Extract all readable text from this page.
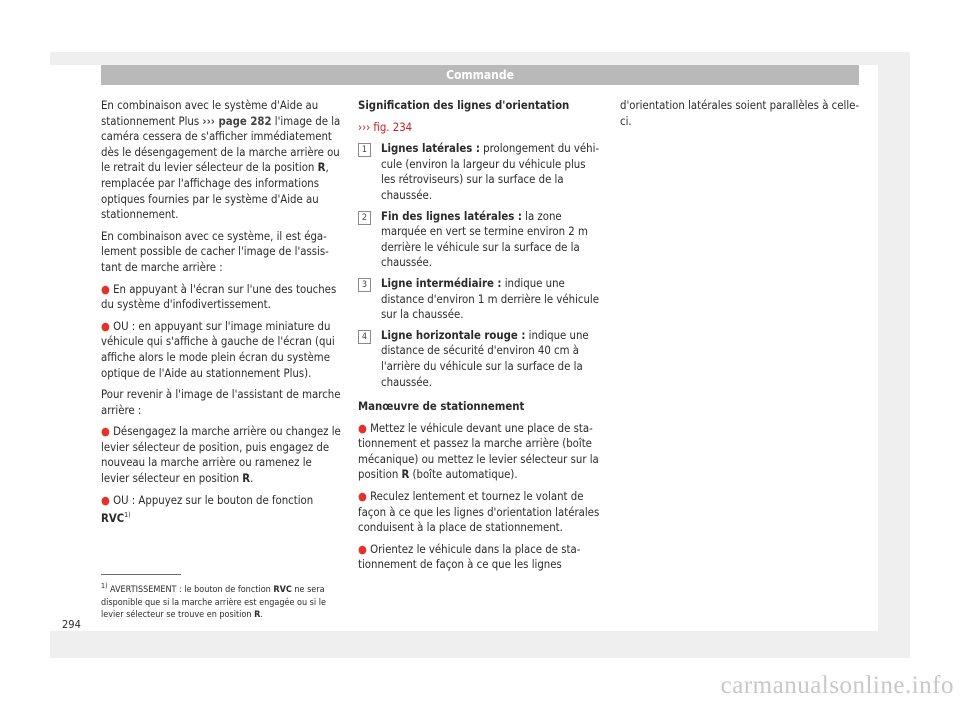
Commande

En combinaison avec le système d'Aide au stationnement Plus ››› page 282 l'image de la caméra cessera de s'afficher immédiatement dès le désengagement de la marche arrière ou le retrait du levier sélecteur de la position R, remplacée par l'affichage des informations optiques fournies par le système d'Aide au stationnement.

En combinaison avec ce système, il est également possible de cacher l'image de l'assistant de marche arrière :

● En appuyant à l'écran sur l'une des touches du système d'infodivertissement.

● OU : en appuyant sur l'image miniature du véhicule qui s'affiche à gauche de l'écran (qui affiche alors le mode plein écran du système optique de l'Aide au stationnement Plus).

Pour revenir à l'image de l'assistant de marche arrière :

● Désengagez la marche arrière ou changez le levier sélecteur de position, puis engagez de nouveau la marche arrière ou ramenez le levier sélecteur en position R.

● OU : Appuyez sur le bouton de fonction RVC$^{1)}$

Signification des lignes d'orientation

››› fig. 234

1	Lignes latérales : prolongement du véhicule (environ la largeur du véhicule plus les rétroviseurs) sur la surface de la chaussée.
2	Fin des lignes latérales : la zone marquée en vert se termine environ 2 m derrière le véhicule sur la surface de la chaussée.
3	Ligne intermédiaire : indique une distance d'environ 1 m derrière le véhicule sur la chaussée.
4	Ligne horizontale rouge : indique une distance de sécurité d'environ 40 cm à l'arrière du véhicule sur la surface de la chaussée.

Manœuvre de stationnement

● Mettez le véhicule devant une place de stationnement et passez la marche arrière (boîte mécanique) ou mettez le levier sélecteur sur la position R (boîte automatique).

● Reculez lentement et tournez le volant de façon à ce que les lignes d'orientation latérales conduisent à la place de stationnement.

● Orientez le véhicule dans la place de stationnement de façon à ce que les lignes

d'orientation latérales soient parallèles à celle-ci.

$^{1)}$ AVERTISSEMENT : le bouton de fonction RVC ne sera disponible que si la marche arrière est engagée ou si le levier sélecteur se trouve en position R.
294
carmanualsonline.info
